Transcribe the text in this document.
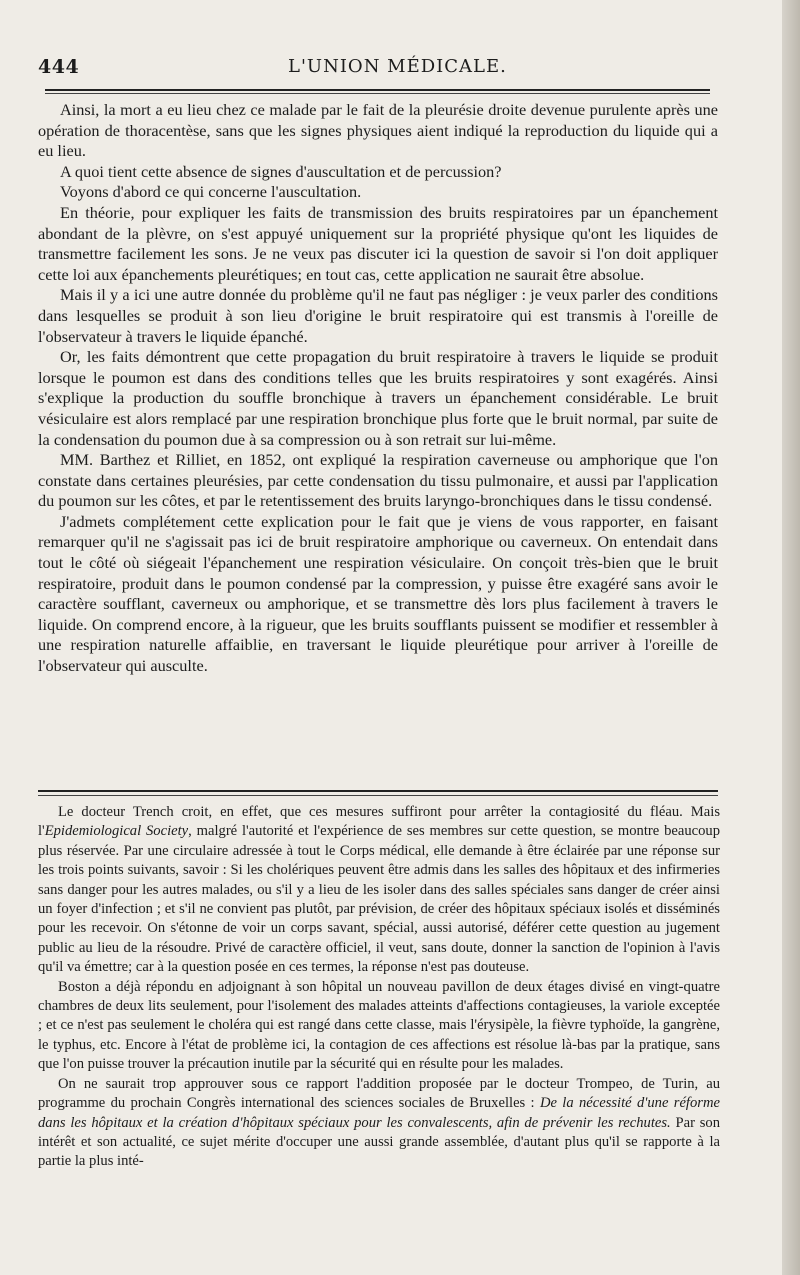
444	L'UNION MÉDICALE.

Ainsi, la mort a eu lieu chez ce malade par le fait de la pleurésie droite devenue purulente après une opération de thoracentèse, sans que les signes physiques aient indiqué la reproduction du liquide qui a eu lieu.

A quoi tient cette absence de signes d'auscultation et de percussion?

Voyons d'abord ce qui concerne l'auscultation.

En théorie, pour expliquer les faits de transmission des bruits respiratoires par un épanchement abondant de la plèvre, on s'est appuyé uniquement sur la propriété physique qu'ont les liquides de transmettre facilement les sons. Je ne veux pas discuter ici la question de savoir si l'on doit appliquer cette loi aux épanchements pleurétiques; en tout cas, cette application ne saurait être absolue.

Mais il y a ici une autre donnée du problème qu'il ne faut pas négliger : je veux parler des conditions dans lesquelles se produit à son lieu d'origine le bruit respiratoire qui est transmis à l'oreille de l'observateur à travers le liquide épanché.

Or, les faits démontrent que cette propagation du bruit respiratoire à travers le liquide se produit lorsque le poumon est dans des conditions telles que les bruits respiratoires y sont exagérés. Ainsi s'explique la production du souffle bronchique à travers un épanchement considérable. Le bruit vésiculaire est alors remplacé par une respiration bronchique plus forte que le bruit normal, par suite de la condensation du poumon due à sa compression ou à son retrait sur lui-même.

MM. Barthez et Rilliet, en 1852, ont expliqué la respiration caverneuse ou amphorique que l'on constate dans certaines pleurésies, par cette condensation du tissu pulmonaire, et aussi par l'application du poumon sur les côtes, et par le retentissement des bruits laryngo-bronchiques dans le tissu condensé.

J'admets complétement cette explication pour le fait que je viens de vous rapporter, en faisant remarquer qu'il ne s'agissait pas ici de bruit respiratoire amphorique ou caverneux. On entendait dans tout le côté où siégeait l'épanchement une respiration vésiculaire. On conçoit très-bien que le bruit respiratoire, produit dans le poumon condensé par la compression, y puisse être exagéré sans avoir le caractère soufflant, caverneux ou amphorique, et se transmettre dès lors plus facilement à travers le liquide. On comprend encore, à la rigueur, que les bruits soufflants puissent se modifier et ressembler à une respiration naturelle affaiblie, en traversant le liquide pleurétique pour arriver à l'oreille de l'observateur qui ausculte.

Le docteur Trench croit, en effet, que ces mesures suffiront pour arrêter la contagiosité du fléau. Mais l'Epidemiological Society, malgré l'autorité et l'expérience de ses membres sur cette question, se montre beaucoup plus réservée. Par une circulaire adressée à tout le Corps médical, elle demande à être éclairée par une réponse sur les trois points suivants, savoir : Si les cholériques peuvent être admis dans les salles des hôpitaux et des infirmeries sans danger pour les autres malades, ou s'il y a lieu de les isoler dans des salles spéciales sans danger de créer ainsi un foyer d'infection ; et s'il ne convient pas plutôt, par prévision, de créer des hôpitaux spéciaux isolés et disséminés pour les recevoir. On s'étonne de voir un corps savant, spécial, aussi autorisé, déférer cette question au jugement public au lieu de la résoudre. Privé de caractère officiel, il veut, sans doute, donner la sanction de l'opinion à l'avis qu'il va émettre; car à la question posée en ces termes, la réponse n'est pas douteuse.

Boston a déjà répondu en adjoignant à son hôpital un nouveau pavillon de deux étages divisé en vingt-quatre chambres de deux lits seulement, pour l'isolement des malades atteints d'affections contagieuses, la variole exceptée ; et ce n'est pas seulement le choléra qui est rangé dans cette classe, mais l'érysipèle, la fièvre typhoïde, la gangrène, le typhus, etc. Encore à l'état de problème ici, la contagion de ces affections est résolue là-bas par la pratique, sans que l'on puisse trouver la précaution inutile par la sécurité qui en résulte pour les malades.

On ne saurait trop approuver sous ce rapport l'addition proposée par le docteur Trompeo, de Turin, au programme du prochain Congrès international des sciences sociales de Bruxelles : De la nécessité d'une réforme dans les hôpitaux et la création d'hôpitaux spéciaux pour les convalescents, afin de prévenir les rechutes. Par son intérêt et son actualité, ce sujet mérite d'occuper une aussi grande assemblée, d'autant plus qu'il se rapporte à la partie la plus inté-
